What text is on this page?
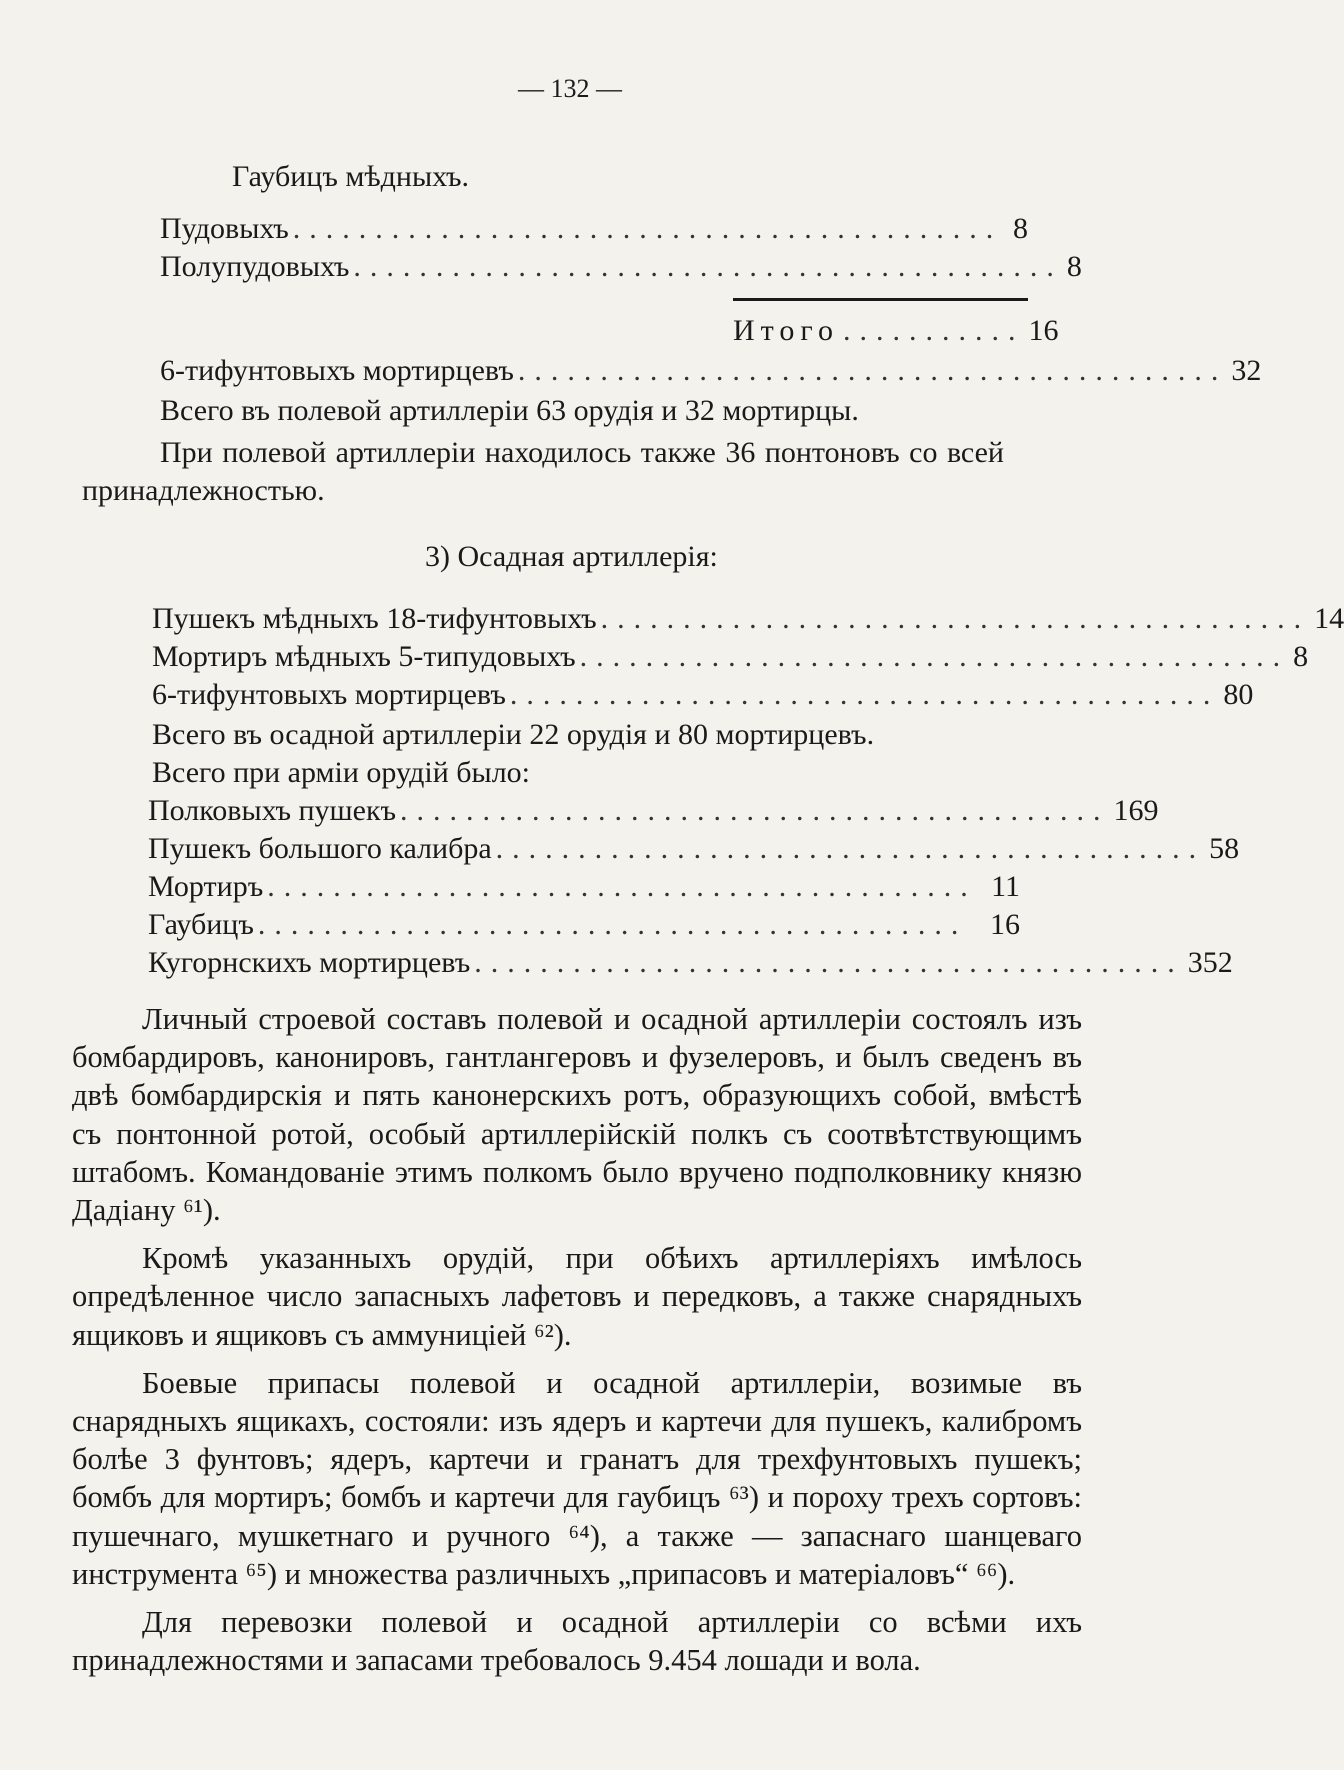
— 132 —
Гаубицъ мѣдныхъ.
Пудовыхъ ........................................... 8
Полупудовыхъ ........................................... 8
Итого ........... 16
6-тифунтовыхъ мортирцевъ ........................................... 32
Всего въ полевой артиллеріи 63 орудія и 32 мортирцы.
При полевой артиллеріи находилось также 36 понтоновъ со всей
принадлежностью.
3) Осадная артиллерія:
Пушекъ мѣдныхъ 18-тифунтовыхъ ........................................... 14
Мортиръ мѣдныхъ 5-типудовыхъ ........................................... 8
6-тифунтовыхъ мортирцевъ ........................................... 80
Всего въ осадной артиллеріи 22 орудія и 80 мортирцевъ.
Всего при арміи орудій было:
Полковыхъ пушекъ ........................................... 169
Пушекъ большого калибра ........................................... 58
Мортиръ ........................................... 11
Гаубицъ ........................................... 16
Кугорнскихъ мортирцевъ ........................................... 352

Личный строевой составъ полевой и осадной артиллеріи состоялъ изъ бомбардировъ, канонировъ, гантлангеровъ и фузелеровъ, и былъ сведенъ въ двѣ бомбардирскія и пять канонерскихъ ротъ, образующихъ собой, вмѣстѣ съ понтонной ротой, особый артиллерійскій полкъ съ соотвѣтствующимъ штабомъ. Командованіе этимъ полкомъ было вручено подполковнику князю Дадіану ⁶¹).

Кромѣ указанныхъ орудій, при обѣихъ артиллеріяхъ имѣлось опредѣленное число запасныхъ лафетовъ и передковъ, а также снарядныхъ ящиковъ и ящиковъ съ аммуниціей ⁶²).

Боевые припасы полевой и осадной артиллеріи, возимые въ снарядныхъ ящикахъ, состояли: изъ ядеръ и картечи для пушекъ, калибромъ болѣе 3 фунтовъ; ядеръ, картечи и гранатъ для трехфунтовыхъ пушекъ; бомбъ для мортиръ; бомбъ и картечи для гаубицъ ⁶³) и пороху трехъ сортовъ: пушечнаго, мушкетнаго и ручного ⁶⁴), а также — запаснаго шанцеваго инструмента ⁶⁵) и множества различныхъ „припасовъ и матеріаловъ“ ⁶⁶).

Для перевозки полевой и осадной артиллеріи со всѣми ихъ принадлежностями и запасами требовалось 9.454 лошади и вола.
